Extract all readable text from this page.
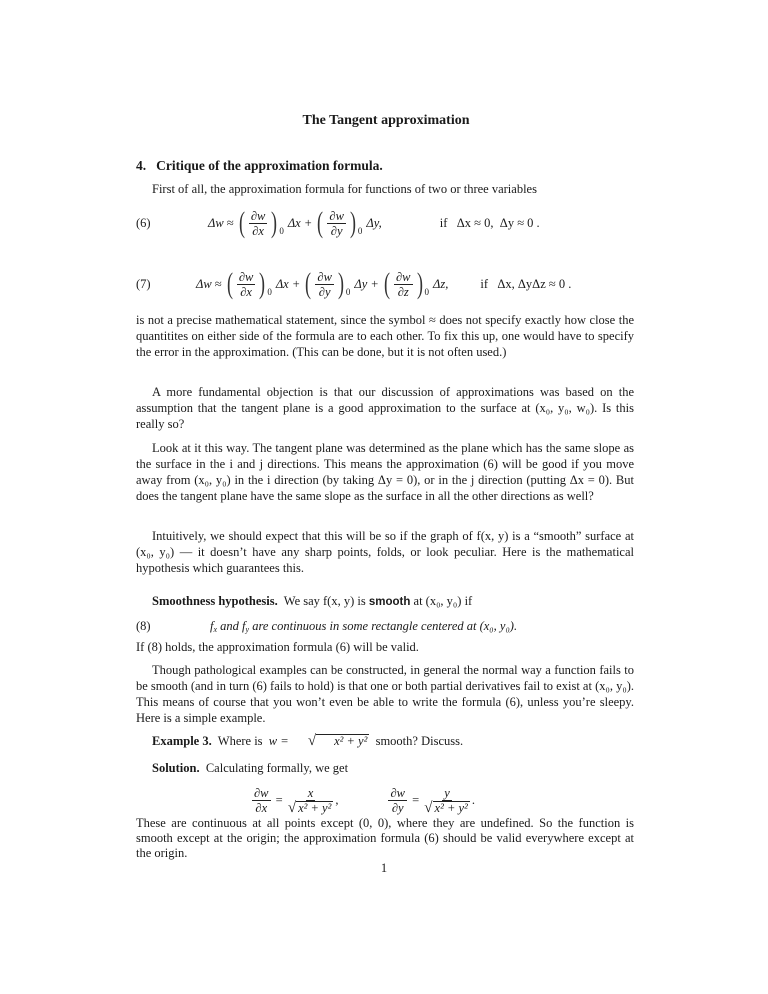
The Tangent approximation
4. Critique of the approximation formula.
First of all, the approximation formula for functions of two or three variables
(6)	Δw
≈
( $\frac{\partial w}{\partial x}$ ) 0
Δx +
( $\frac{\partial w}{\partial y}$ ) 0
Δy,	if   Δx ≈ 0,  Δy ≈ 0 .
(7)	Δw
≈
( $\frac{\partial w}{\partial x}$ ) 0
Δx +
( $\frac{\partial w}{\partial y}$ ) 0
Δy +
( $\frac{\partial w}{\partial z}$ ) 0
Δz,	if   Δx, ΔyΔz ≈ 0 .
is not a precise mathematical statement, since the symbol ≈ does not specify exactly how close the quantitites on either side of the formula are to each other. To fix this up, one would have to specify the error in the approximation. (This can be done, but it is not often used.)
A more fundamental objection is that our discussion of approximations was based on the assumption that the tangent plane is a good approximation to the surface at (x₀, y₀, w₀). Is this really so?
Look at it this way. The tangent plane was determined as the plane which has the same slope as the surface in the i and j directions. This means the approximation (6) will be good if you move away from (x₀, y₀) in the i direction (by taking Δy = 0), or in the j direction (putting Δx = 0). But does the tangent plane have the same slope as the surface in all the other directions as well?
Intuitively, we should expect that this will be so if the graph of f(x, y) is a “smooth” surface at (x₀, y₀) — it doesn’t have any sharp points, folds, or look peculiar. Here is the mathematical hypothesis which guarantees this.
Smoothness hypothesis. We say f(x, y) is smooth at (x₀, y₀) if
(8)	$f_x$ and $f_y$ are continuous in some rectangle centered at (x₀, y₀).
If (8) holds, the approximation formula (6) will be valid.
Though pathological examples can be constructed, in general the normal way a function fails to be smooth (and in turn (6) fails to hold) is that one or both partial derivatives fail to exist at (x₀, y₀). This means of course that you won’t even be able to write the formula (6), unless you’re sleepy. Here is a simple example.
Example 3. Where is w =	√	x² + y² smooth? Discuss.
Solution. Calculating formally, we get
$\frac{\partial w}{\partial x}$
=
$\frac{x}{\text{√ x² + y²}}$ ,	$\frac{\partial w}{\partial y}$
=
$\frac{y}{\text{√ x² + y²}}$ .
These are continuous at all points except (0, 0), where they are undefined. So the function is smooth except at the origin; the approximation formula (6) should be valid everywhere except at the origin.
1
